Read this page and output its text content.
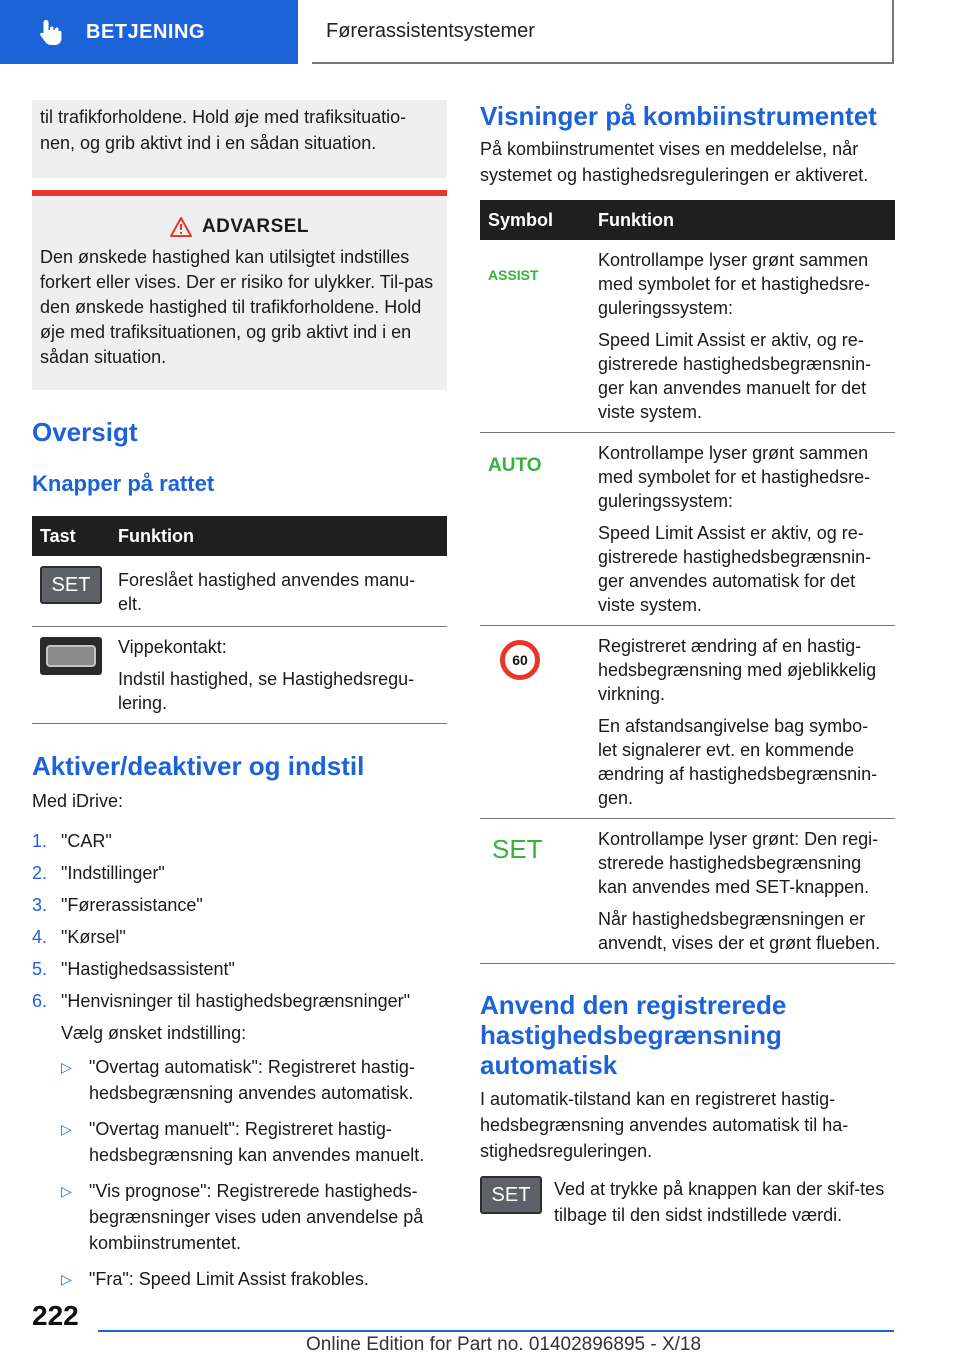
BETJENING	Førerassistentsystemer
til trafikforholdene. Hold øje med trafiksituatio-nen, og grib aktivt ind i en sådan situation.
ADVARSEL
Den ønskede hastighed kan utilsigtet indstilles forkert eller vises. Der er risiko for ulykker. Til-pas den ønskede hastighed til trafikforholdene. Hold øje med trafiksituationen, og grib aktivt ind i en sådan situation.
Oversigt
Knapper på rattet
Tast	Funktion

SET	Foreslået hastighed anvendes manu-elt.

	Vippekontakt:

Indstil hastighed, se Hastighedsregu-lering.

Aktiver/deaktiver og indstil

Med iDrive:

1. "CAR"
2. "Indstillinger"
3. "Førerassistance"
4. "Kørsel"
5. "Hastighedsassistent"
6. "Henvisninger til hastighedsbegrænsninger"
Vælg ønsket indstilling:
▷ "Overtag automatisk": Registreret hastig-hedsbegrænsning anvendes automatisk.
▷ "Overtag manuelt": Registreret hastig-hedsbegrænsning kan anvendes manuelt.
▷ "Vis prognose": Registrerede hastigheds-begrænsninger vises uden anvendelse på kombiinstrumentet.
▷ "Fra": Speed Limit Assist frakobles.
Visninger på kombiinstrumentet

På kombiinstrumentet vises en meddelelse, når systemet og hastighedsreguleringen er aktiveret.

Symbol	Funktion
ASSIST	Kontrollampe lyser grønt sammen med symbolet for et hastighedsre-guleringssystem:

Speed Limit Assist er aktiv, og re-gistrerede hastighedsbegrænsnin-ger kan anvendes manuelt for det viste system.

AUTO	Kontrollampe lyser grønt sammen med symbolet for et hastighedsre-guleringssystem:

Speed Limit Assist er aktiv, og re-gistrerede hastighedsbegrænsnin-ger anvendes automatisk for det viste system.

60	Registreret ændring af en hastig-hedsbegrænsning med øjeblikkelig virkning.

En afstandsangivelse bag symbo-let signalerer evt. en kommende ændring af hastighedsbegrænsnin-gen.

SET	Kontrollampe lyser grønt: Den regi-strerede hastighedsbegrænsning kan anvendes med SET-knappen.

Når hastighedsbegrænsningen er anvendt, vises der et grønt flueben.

Anvend den registrerede hastighedsbegrænsning automatisk

I automatik-tilstand kan en registreret hastig-hedsbegrænsning anvendes automatisk til ha-stighedsreguleringen.

SET	Ved at trykke på knappen kan der skif-tes tilbage til den sidst indstillede værdi.

222
Online Edition for Part no. 01402896895 - X/18
